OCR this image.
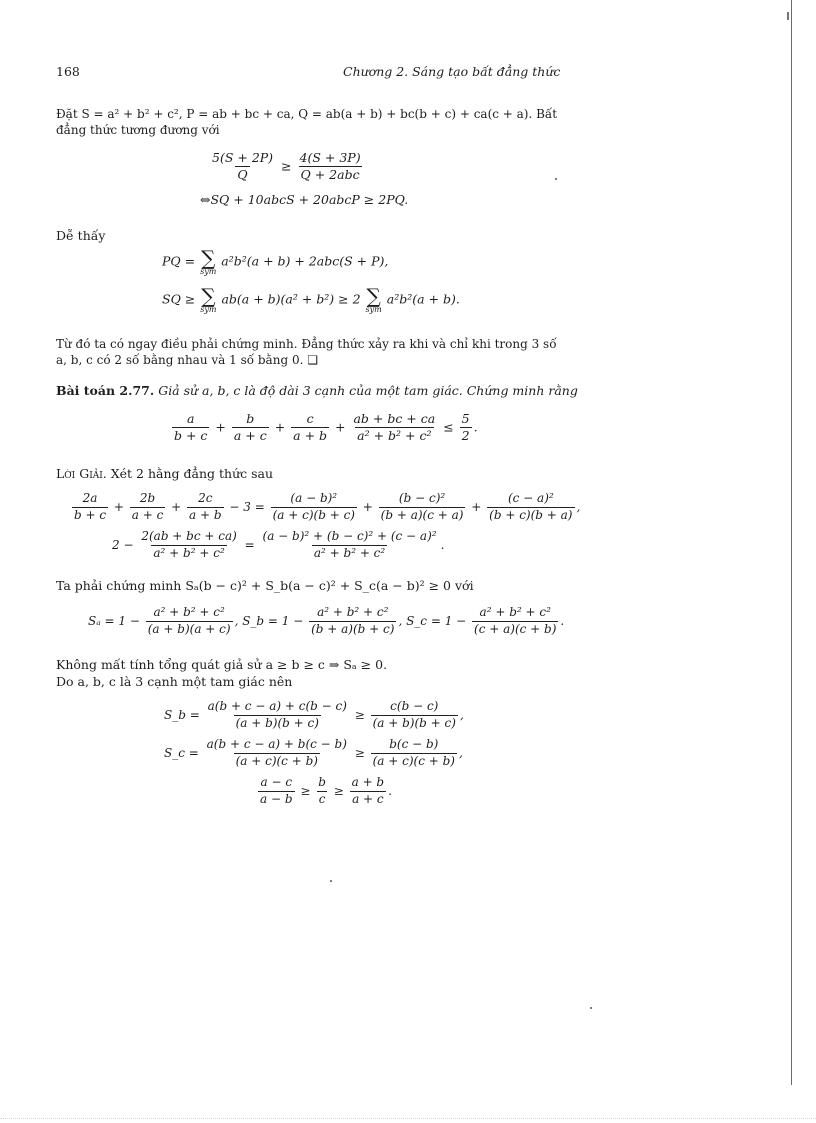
168	Chương 2. Sáng tạo bất đẳng thức
Đặt S = a² + b² + c², P = ab + bc + ca, Q = ab(a + b) + bc(b + c) + ca(c + a). Bất
đẳng thức tương đương với
$\frac{5(S + 2P)}{Q} \ge \frac{4(S + 3P)}{\text{Q + 2abc}}$
⇔SQ + 10abcS + 20abcP ≥ 2PQ.
Dễ thấy
PQ = ∑
sym
a²b²(a + b) + 2abc(S + P),
SQ ≥ ∑
sym
ab(a + b)(a² + b²) ≥ 2 ∑
sym
a²b²(a + b).
Từ đó ta có ngay điều phải chứng minh. Đẳng thức xảy ra khi và chỉ khi trong 3 số
a, b, c có 2 số bằng nhau và 1 số bằng 0. ❑
Bài toán 2.77. Giả sử a, b, c là độ dài 3 cạnh của một tam giác. Chứng minh rằng
$\frac{a}{b + c} + \frac{b}{a + c} + \frac{c}{a + b} + \frac{ab + bc + ca}{\text{a² + b² + c²}} \le \frac{5}{2}$ .
Lời Giải. Xét 2 hằng đẳng thức sau
$\frac{2a}{b + c} + \frac{2b}{a + c} + \frac{2c}{a + b} - 3 = \frac{\text{(a − b)²}}{(a + c)(b + c)} + \frac{\text{(b − c)²}}{(b + a)(c + a)} + \frac{\text{(c − a)²}}{(b + c)(b + a)}$ ,
$2 - \frac{2(ab + bc + ca)}{\text{a² + b² + c²}} = \frac{\text{(a − b)² + (b − c)² + (c − a)²}}{\text{a² + b² + c²}}$ .
Ta phải chứng minh Sₐ(b − c)² + S_b(a − c)² + S_c(a − b)² ≥ 0 với
$S_a = 1 - \frac{\text{a² + b² + c²}}{(a + b)(a + c)}$ , S_b = $1 - \frac{\text{a² + b² + c²}}{(b + a)(b + c)}$ , S_c = $1 - \frac{\text{a² + b² + c²}}{(c + a)(c + b)}$ .
Không mất tính tổng quát giả sử a ≥ b ≥ c ⇒ Sₐ ≥ 0.
Do a, b, c là 3 cạnh một tam giác nên
S_b = $\frac{a(b + c - a) + c(b - c)}{(a + b)(b + c)} \ge \frac{c(b - c)}{(a + b)(b + c)}$ ,
S_c = $\frac{a(b + c - a) + b(c - b)}{(a + c)(c + b)} \ge \frac{b(c - b)}{(a + c)(c + b)}$ ,
$\frac{a - c}{a - b} \ge \frac{b}{c} \ge \frac{a + b}{a + c}$ .
